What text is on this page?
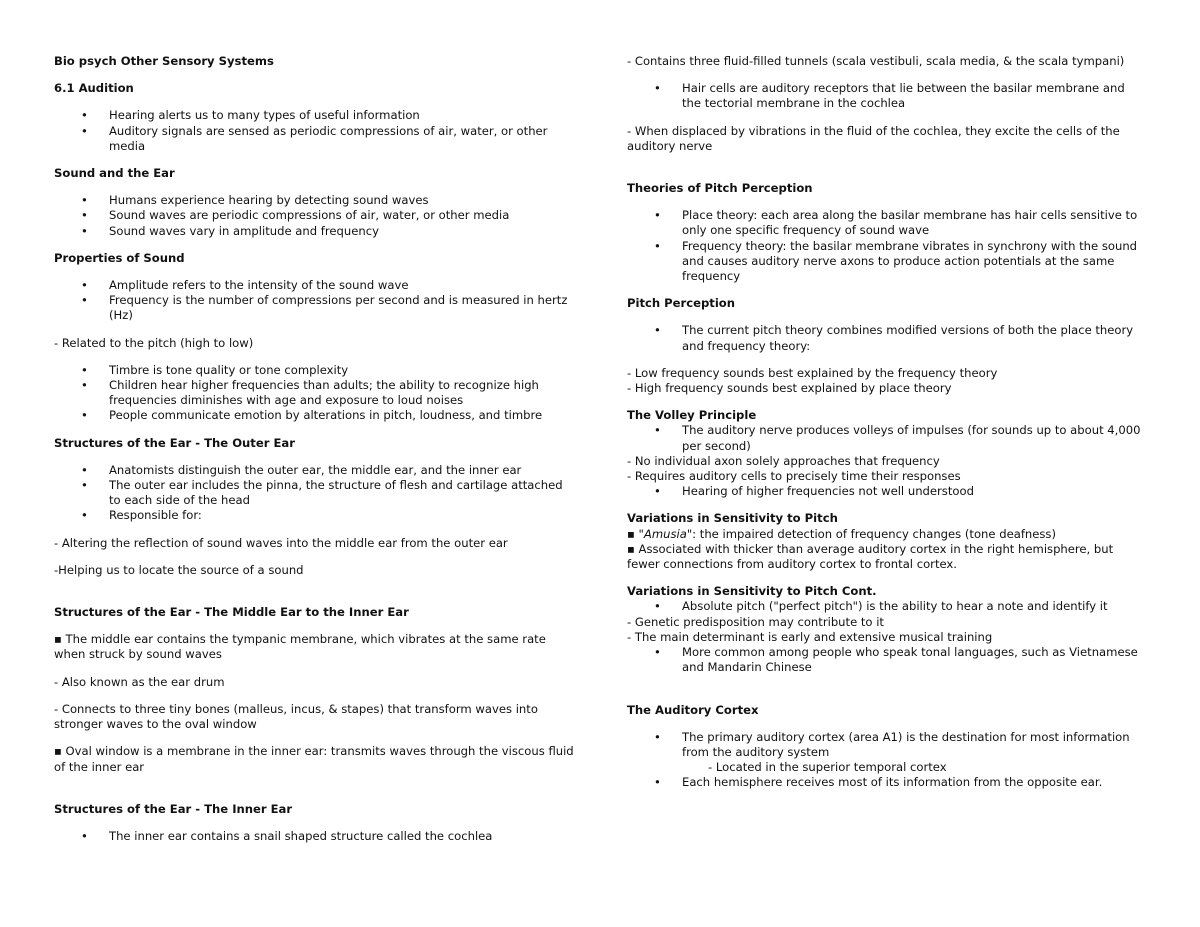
Bio psych Other Sensory Systems
6.1 Audition
• Hearing alerts us to many types of useful information
• Auditory signals are sensed as periodic compressions of air, water, or other media
Sound and the Ear
• Humans experience hearing by detecting sound waves
• Sound waves are periodic compressions of air, water, or other media
• Sound waves vary in amplitude and frequency
Properties of Sound
• Amplitude refers to the intensity of the sound wave
• Frequency is the number of compressions per second and is measured in hertz (Hz)

- Related to the pitch (high to low)

• Timbre is tone quality or tone complexity
• Children hear higher frequencies than adults; the ability to recognize high frequencies diminishes with age and exposure to loud noises
• People communicate emotion by alterations in pitch, loudness, and timbre
Structures of the Ear - The Outer Ear
• Anatomists distinguish the outer ear, the middle ear, and the inner ear
• The outer ear includes the pinna, the structure of flesh and cartilage attached to each side of the head
• Responsible for:

- Altering the reflection of sound waves into the middle ear from the outer ear

-Helping us to locate the source of a sound

Structures of the Ear - The Middle Ear to the Inner Ear

▪ The middle ear contains the tympanic membrane, which vibrates at the same rate when struck by sound waves

- Also known as the ear drum

- Connects to three tiny bones (malleus, incus, & stapes) that transform waves into stronger waves to the oval window

▪ Oval window is a membrane in the inner ear: transmits waves through the viscous fluid of the inner ear

Structures of the Ear - The Inner Ear
• The inner ear contains a snail shaped structure called the cochlea

- Contains three fluid-filled tunnels (scala vestibuli, scala media, & the scala tympani)

• Hair cells are auditory receptors that lie between the basilar membrane and the tectorial membrane in the cochlea

- When displaced by vibrations in the fluid of the cochlea, they excite the cells of the auditory nerve

Theories of Pitch Perception
• Place theory: each area along the basilar membrane has hair cells sensitive to only one specific frequency of sound wave
• Frequency theory: the basilar membrane vibrates in synchrony with the sound and causes auditory nerve axons to produce action potentials at the same frequency
Pitch Perception
• The current pitch theory combines modified versions of both the place theory and frequency theory:

- Low frequency sounds best explained by the frequency theory

- High frequency sounds best explained by place theory

The Volley Principle
• The auditory nerve produces volleys of impulses (for sounds up to about 4,000 per second)

- No individual axon solely approaches that frequency

- Requires auditory cells to precisely time their responses

• Hearing of higher frequencies not well understood
Variations in Sensitivity to Pitch

▪ "Amusia": the impaired detection of frequency changes (tone deafness)

▪ Associated with thicker than average auditory cortex in the right hemisphere, but fewer connections from auditory cortex to frontal cortex.

Variations in Sensitivity to Pitch Cont.
• Absolute pitch ("perfect pitch") is the ability to hear a note and identify it

- Genetic predisposition may contribute to it

- The main determinant is early and extensive musical training

• More common among people who speak tonal languages, such as Vietnamese and Mandarin Chinese
The Auditory Cortex
• The primary auditory cortex (area A1) is the destination for most information from the auditory system
- Located in the superior temporal cortex
• Each hemisphere receives most of its information from the opposite ear.
